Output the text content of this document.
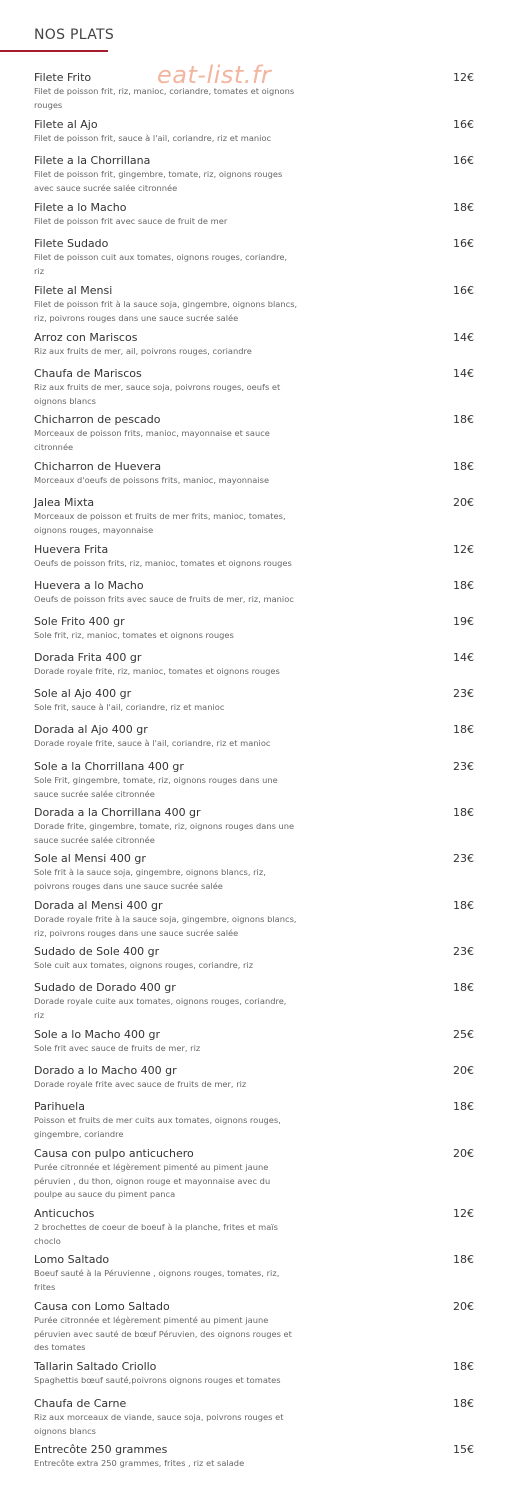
NOS PLATS
Filete Frito
Filet de poisson frit, riz, manioc, coriandre, tomates et oignons rouges
12€
Filete al Ajo
Filet de poisson frit, sauce à l'ail, coriandre, riz et manioc
16€
Filete a la Chorrillana
Filet de poisson frit, gingembre, tomate, riz, oignons rouges avec sauce sucrée salée citronnée
16€
Filete a lo Macho
Filet de poisson frit avec sauce de fruit de mer
18€
Filete Sudado
Filet de poisson cuit aux tomates, oignons rouges, coriandre, riz
16€
Filete al Mensi
Filet de poisson frit à la sauce soja, gingembre, oignons blancs, riz, poivrons rouges dans une sauce sucrée salée
16€
Arroz con Mariscos
Riz aux fruits de mer, ail, poivrons rouges, coriandre
14€
Chaufa de Mariscos
Riz aux fruits de mer, sauce soja, poivrons rouges, oeufs et oignons blancs
14€
Chicharron de pescado
Morceaux de poisson frits, manioc, mayonnaise et sauce citronnée
18€
Chicharron de Huevera
Morceaux d'oeufs de poissons frits, manioc, mayonnaise
18€
Jalea Mixta
Morceaux de poisson et fruits de mer frits, manioc, tomates, oignons rouges, mayonnaise
20€
Huevera Frita
Oeufs de poisson frits, riz, manioc, tomates et oignons rouges
12€
Huevera a lo Macho
Oeufs de poisson frits avec sauce de fruits de mer, riz, manioc
18€
Sole Frito 400 gr
Sole frit, riz, manioc, tomates et oignons rouges
19€
Dorada Frita 400 gr
Dorade royale frite, riz, manioc, tomates et oignons rouges
14€
Sole al Ajo 400 gr
Sole frit, sauce à l'ail, coriandre, riz et manioc
23€
Dorada al Ajo 400 gr
Dorade royale frite, sauce à l'ail, coriandre, riz et manioc
18€
Sole a la Chorrillana 400 gr
Sole Frit, gingembre, tomate, riz, oignons rouges dans une sauce sucrée salée citronnée
23€
Dorada a la Chorrillana 400 gr
Dorade frite, gingembre, tomate, riz, oignons rouges dans une sauce sucrée salée citronnée
18€
Sole al Mensi 400 gr
Sole frit à la sauce soja, gingembre, oignons blancs, riz, poivrons rouges dans une sauce sucrée salée
23€
Dorada al Mensi 400 gr
Dorade royale frite à la sauce soja, gingembre, oignons blancs, riz, poivrons rouges dans une sauce sucrée salée
18€
Sudado de Sole 400 gr
Sole cuit aux tomates, oignons rouges, coriandre, riz
23€
Sudado de Dorado 400 gr
Dorade royale cuite aux tomates, oignons rouges, coriandre, riz
18€
Sole a lo Macho 400 gr
Sole frit avec sauce de fruits de mer, riz
25€
Dorado a lo Macho 400 gr
Dorade royale frite avec sauce de fruits de mer, riz
20€
Parihuela
Poisson et fruits de mer cuits aux tomates, oignons rouges, gingembre, coriandre
18€
Causa con pulpo anticuchero
Purée citronnée et légèrement pimenté au piment jaune péruvien , du thon, oignon rouge et mayonnaise avec du poulpe au sauce du piment panca
20€
Anticuchos
2 brochettes de coeur de boeuf à la planche, frites et maïs choclo
12€
Lomo Saltado
Boeuf sauté à la Péruvienne , oignons rouges, tomates, riz, frites
18€
Causa con Lomo Saltado
Purée citronnée et légèrement pimenté au piment jaune péruvien avec sauté de bœuf Péruvien, des oignons rouges et des tomates
20€
Tallarin Saltado Criollo
Spaghettis bœuf sauté,poivrons oignons rouges et tomates
18€
Chaufa de Carne
Riz aux morceaux de viande, sauce soja, poivrons rouges et oignons blancs
18€
Entrecôte 250 grammes
Entrecôte extra 250 grammes, frites , riz et salade
15€
eat-list.fr
